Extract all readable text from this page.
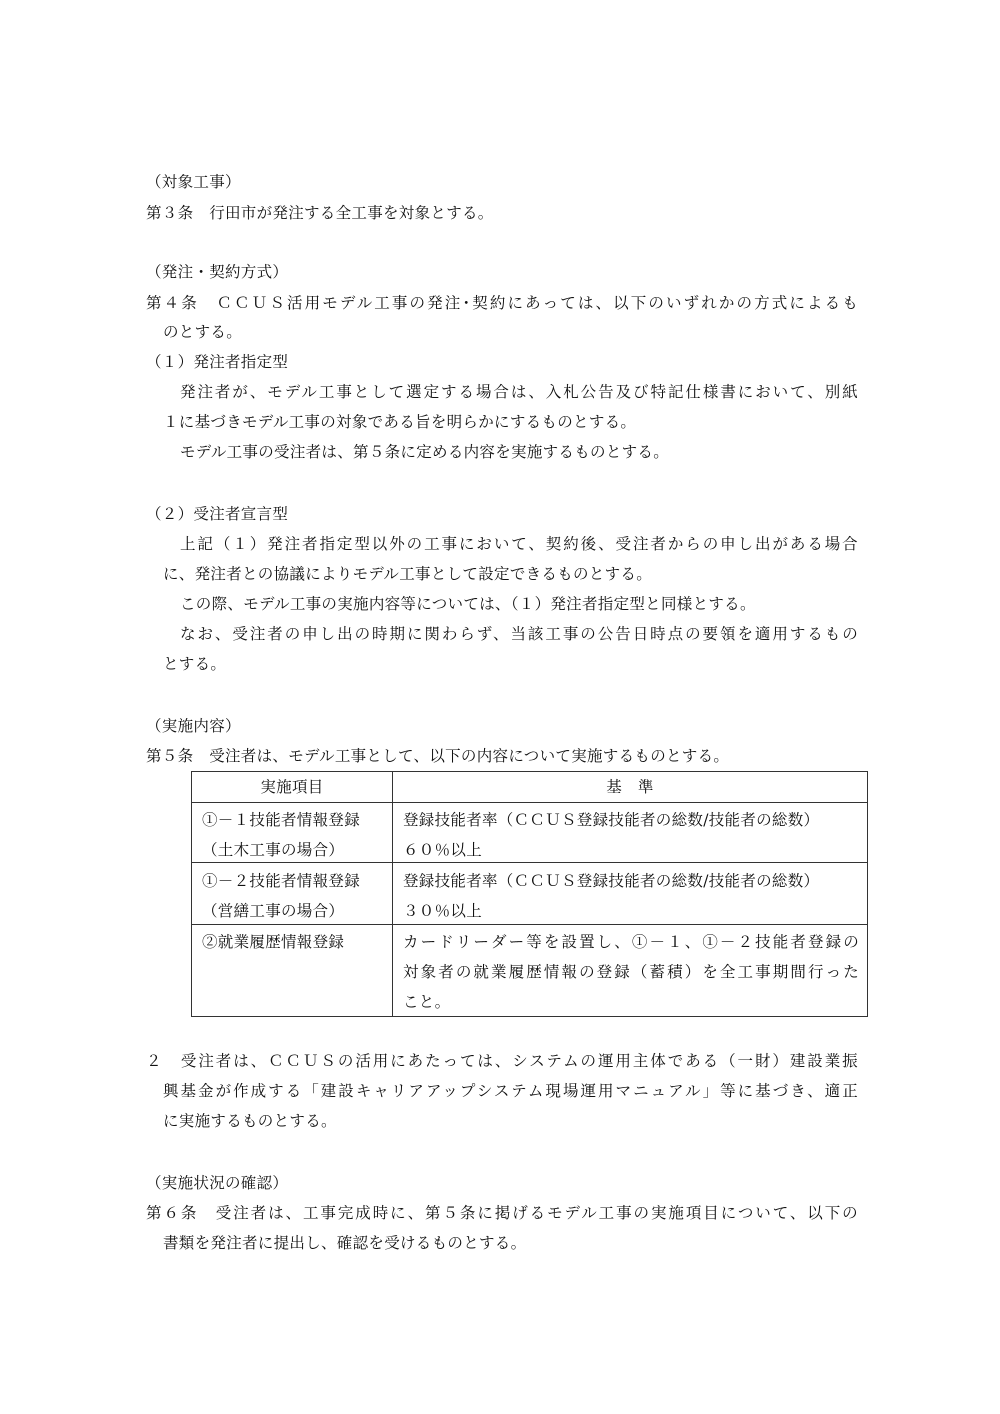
（対象工事）
第３条　行田市が発注する全工事を対象とする。
（発注・契約方式）
第４条　ＣＣＵＳ活用モデル工事の発注･契約にあっては、以下のいずれかの方式によるも
のとする。
（１）発注者指定型
発注者が、モデル工事として選定する場合は、入札公告及び特記仕様書において、別紙
１に基づきモデル工事の対象である旨を明らかにするものとする。
モデル工事の受注者は、第５条に定める内容を実施するものとする。
（２）受注者宣言型
上記（１）発注者指定型以外の工事において、契約後、受注者からの申し出がある場合
に、発注者との協議によりモデル工事として設定できるものとする。
この際、モデル工事の実施内容等については、（１）発注者指定型と同様とする。
なお、受注者の申し出の時期に関わらず、当該工事の公告日時点の要領を適用するもの
とする。
（実施内容）
第５条　受注者は、モデル工事として、以下の内容について実施するものとする。
実施項目	基　準
①－１技能者情報登録
（土木工事の場合）
登録技能者率（ＣＣＵＳ登録技能者の総数/技能者の総数）
６０％以上
①－２技能者情報登録
（営繕工事の場合）
登録技能者率（ＣＣＵＳ登録技能者の総数/技能者の総数）
３０％以上
②就業履歴情報登録	カードリーダー等を設置し、①－１、①－２技能者登録の
対象者の就業履歴情報の登録（蓄積）を全工事期間行った
こと。
２　受注者は、ＣＣＵＳの活用にあたっては、システムの運用主体である（一財）建設業振
興基金が作成する「建設キャリアアップシステム現場運用マニュアル」等に基づき、適正
に実施するものとする。
（実施状況の確認）
第６条　受注者は、工事完成時に、第５条に掲げるモデル工事の実施項目について、以下の
書類を発注者に提出し、確認を受けるものとする。
